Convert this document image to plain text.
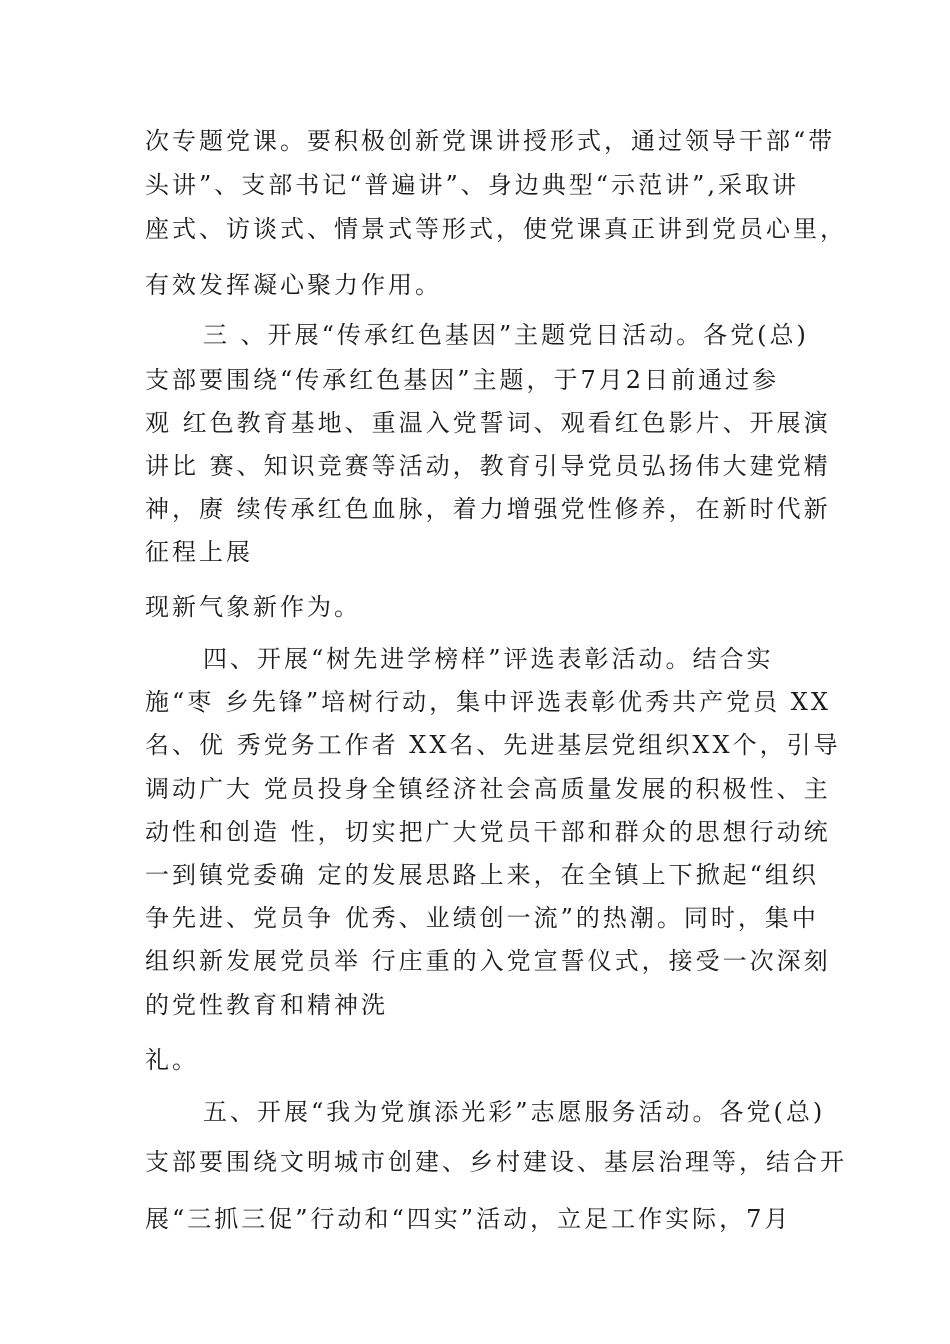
次专题党课。要积极创新党课讲授形式，通过领导干部“带
头讲”、支部书记“普遍讲”、身边典型“示范讲”,采取讲
座式、访谈式、情景式等形式，使党课真正讲到党员心里，
有效发挥凝心聚力作用。
三 、开展“传承红色基因”主题党日活动。各党(总)
支部要围绕“传承红色基因”主题，于7月2日前通过参
观 红色教育基地、重温入党誓词、观看红色影片、开展演
讲比 赛、知识竞赛等活动，教育引导党员弘扬伟大建党精
神，赓 续传承红色血脉，着力增强党性修养，在新时代新
征程上展
现新气象新作为。
四、开展“树先进学榜样”评选表彰活动。结合实
施“枣 乡先锋”培树行动，集中评选表彰优秀共产党员 XX
名、优 秀党务工作者 XX名、先进基层党组织XX个，引导
调动广大 党员投身全镇经济社会高质量发展的积极性、主
动性和创造 性，切实把广大党员干部和群众的思想行动统
一到镇党委确 定的发展思路上来，在全镇上下掀起“组织
争先进、党员争 优秀、业绩创一流”的热潮。同时，集中
组织新发展党员举 行庄重的入党宣誓仪式，接受一次深刻
的党性教育和精神洗
礼。
五、开展“我为党旗添光彩”志愿服务活动。各党(总)
支部要围绕文明城市创建、乡村建设、基层治理等，结合开
展“三抓三促”行动和“四实”活动，立足工作实际，7月
